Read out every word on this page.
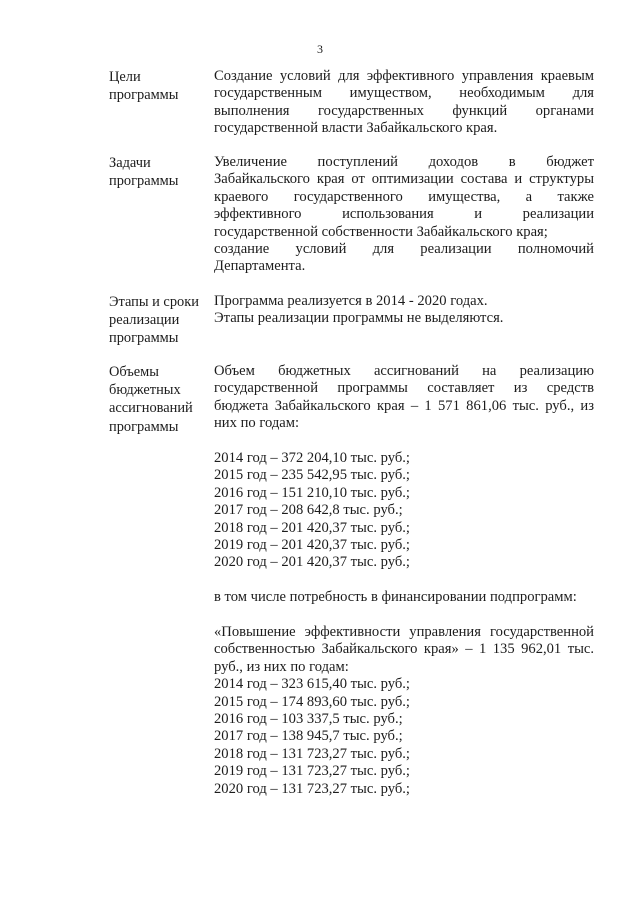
3
Цели
программы
Создание условий для эффективного управления краевым
государственным имуществом, необходимым для
выполнения государственных функций органами
государственной власти Забайкальского края.
Задачи
программы
Увеличение поступлений доходов в бюджет
Забайкальского края от оптимизации состава и структуры
краевого государственного имущества, а также
эффективного использования и реализации
государственной собственности Забайкальского края;
создание условий для реализации полномочий
Департамента.
Этапы и сроки
реализации
программы
Программа реализуется в 2014 - 2020 годах.
Этапы реализации программы не выделяются.
Объемы
бюджетных
ассигнований
программы
Объем бюджетных ассигнований на реализацию
государственной программы составляет из средств
бюджета Забайкальского края – 1 571 861,06 тыс. руб., из
них по годам:
2014 год – 372 204,10 тыс. руб.;
2015 год – 235 542,95 тыс. руб.;
2016 год – 151 210,10 тыс. руб.;
2017 год – 208 642,8 тыс. руб.;
2018 год – 201 420,37 тыс. руб.;
2019 год – 201 420,37 тыс. руб.;
2020 год – 201 420,37 тыс. руб.;
в том числе потребность в финансировании подпрограмм:
«Повышение эффективности управления государственной
собственностью Забайкальского края» – 1 135 962,01 тыс.
руб., из них по годам:
2014 год – 323 615,40 тыс. руб.;
2015 год – 174 893,60 тыс. руб.;
2016 год – 103 337,5 тыс. руб.;
2017 год – 138 945,7 тыс. руб.;
2018 год – 131 723,27 тыс. руб.;
2019 год – 131 723,27 тыс. руб.;
2020 год – 131 723,27 тыс. руб.;
